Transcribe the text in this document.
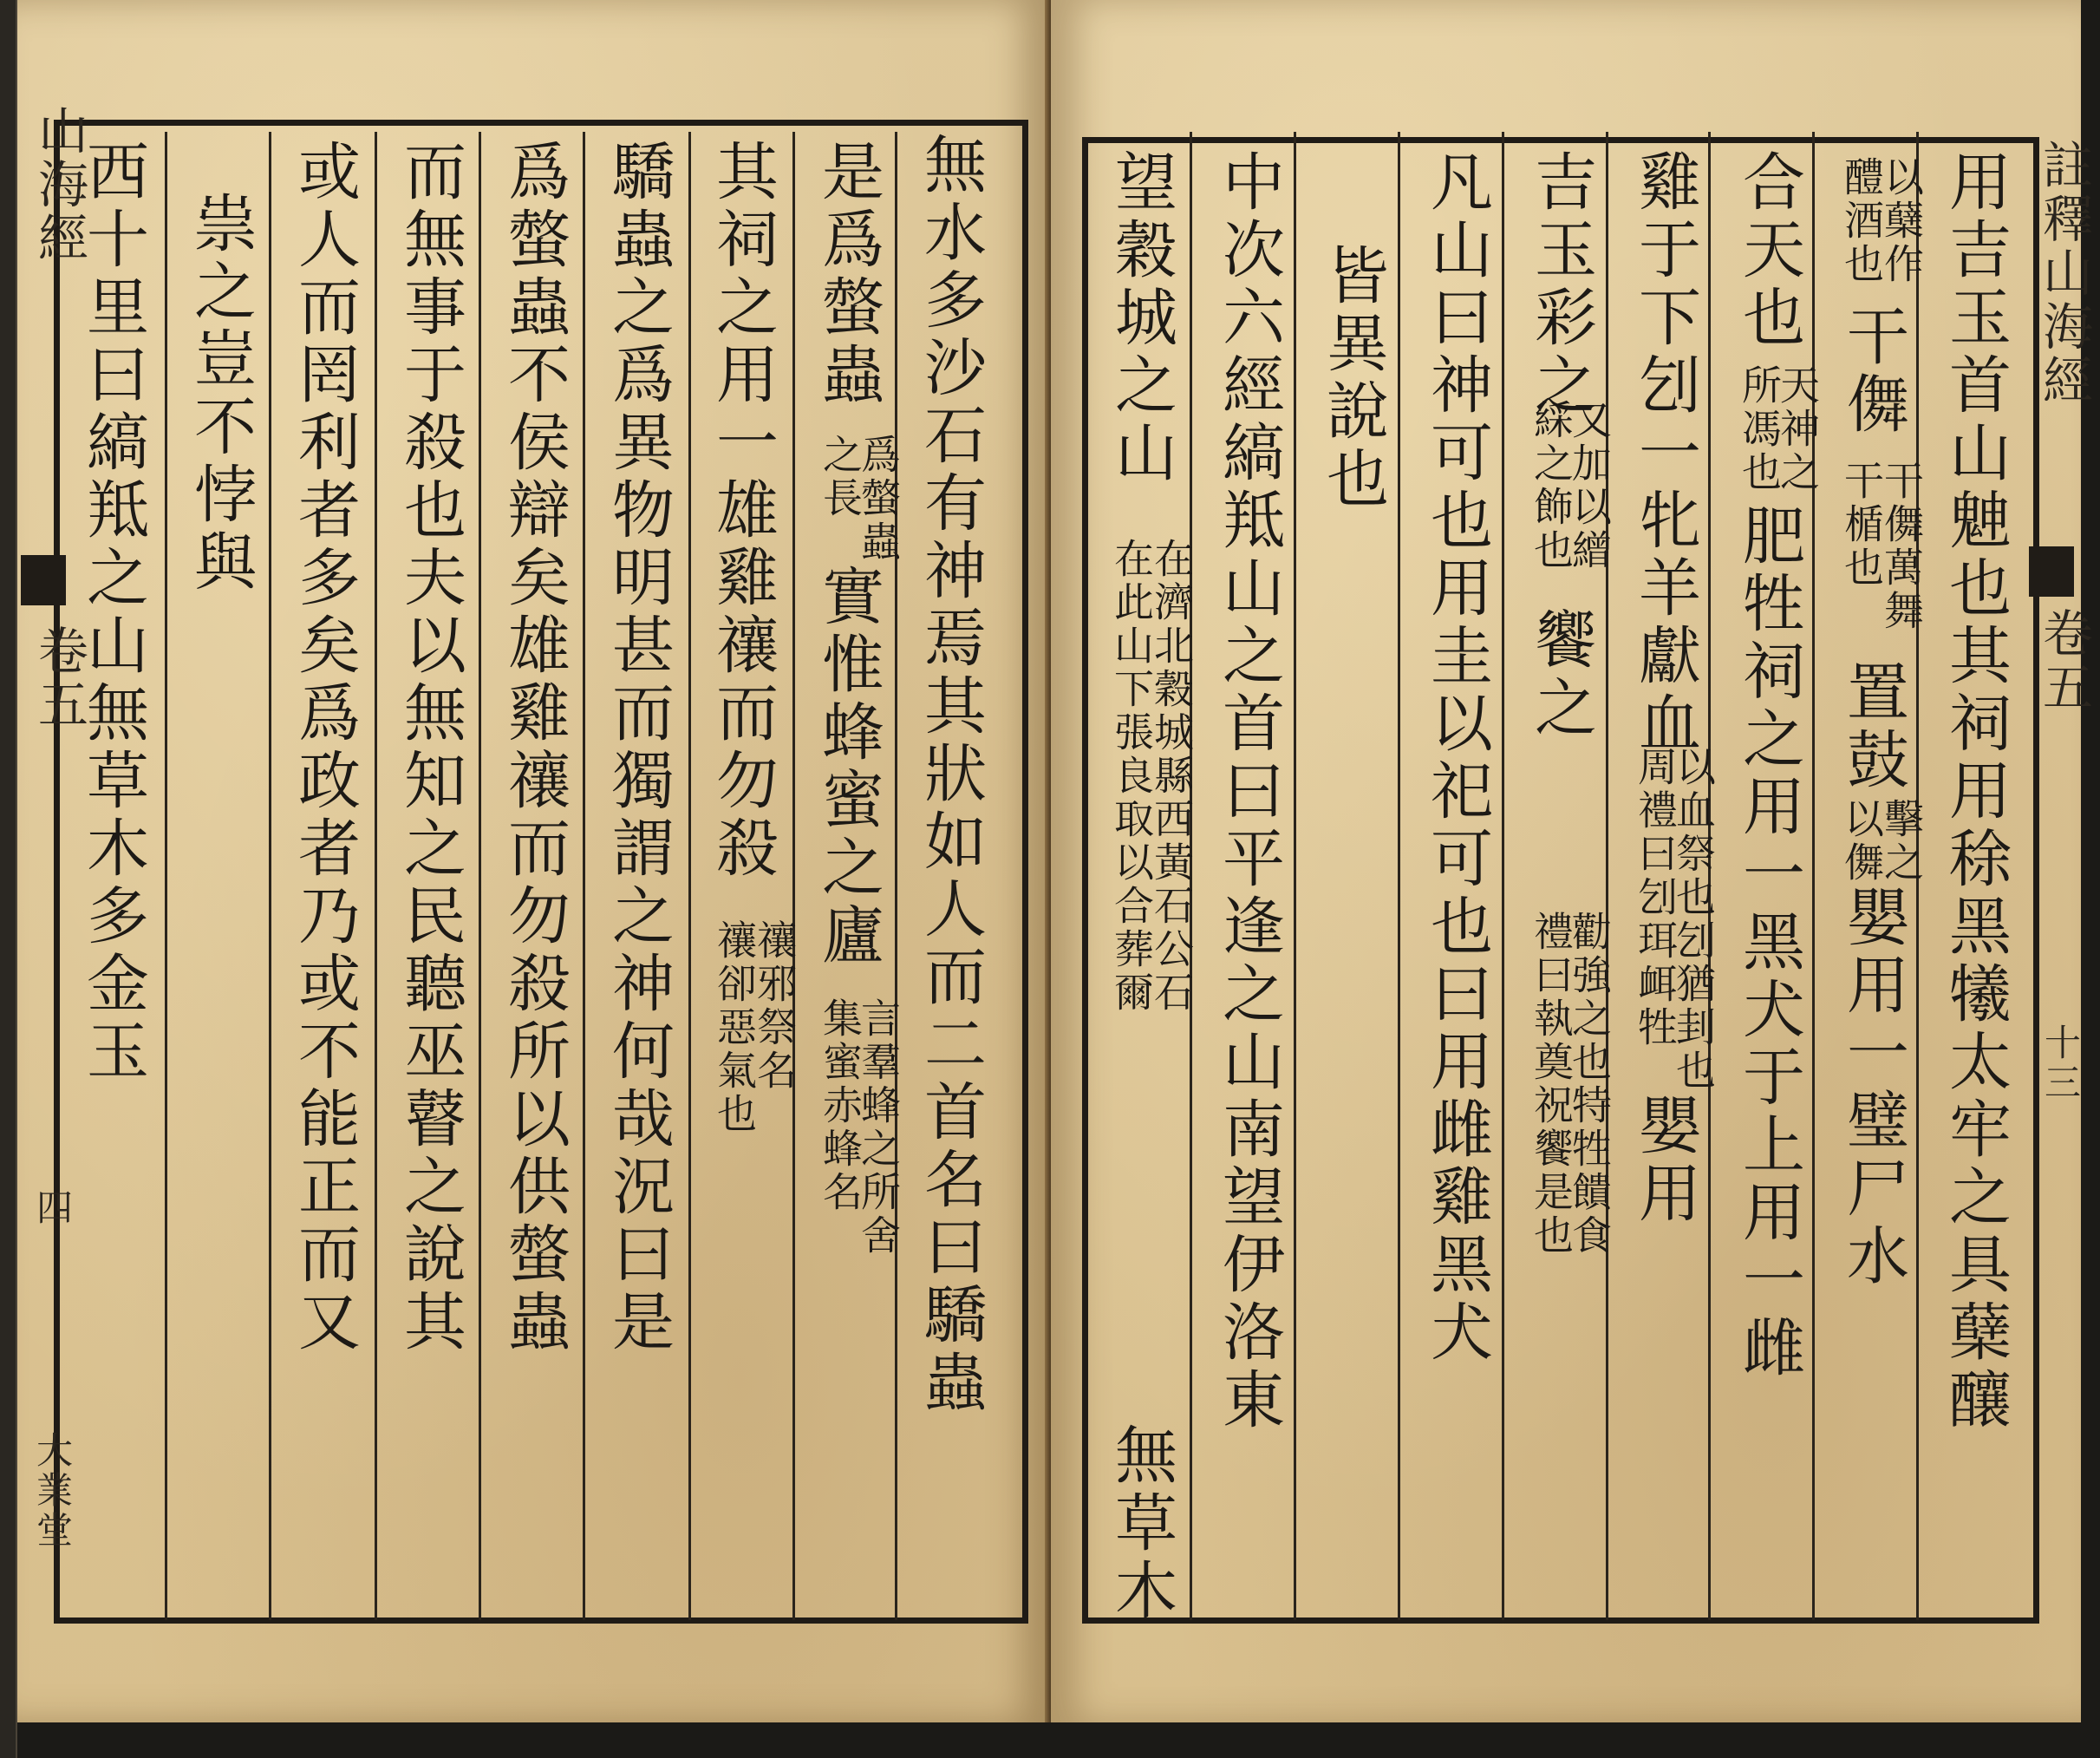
山海經
卷五
四
大業堂
西十里曰縞羝之山無草木多金玉 祟之豈不悖與 或人而罔利者多矣爲政者乃或不能正而又 而無事于殺也夫以無知之民聽巫瞽之說其 爲螫蟲不侯辯矣雄雞禳而勿殺所以供螫蟲 驕蟲之爲異物明甚而獨謂之神何哉況曰是 其祠之用一雄雞禳而勿殺
禳邪祭名
禳卻惡氣也
是爲螫蟲
爲螫蟲
之長
實惟蜂蜜之廬
言羣蜂之所舍
集蜜赤蜂名 無水多沙石有神焉其狀如人而二首名曰驕蟲	註釋山海經
卷五
十三
用吉玉首山䰠也其祠用稌黑犧太牢之具蘖釀
以蘖作
醴酒也
干儛
干儛萬舞
干楯也
置鼓
擊之
以儛
嬰用一璧尸水
合天也
天神之
所馮也
肥牲祠之用一黑犬于上用一雌
雞于下刉一牝羊獻血
以血祭也刉猶刲也
周禮曰刉珥衈牲
嬰用
吉玉彩之
又加以繒
綵之飾也
饗之
勸強之也特牲饋食
禮曰執奠祝饗是也
凡山曰神可也用圭以祀可也曰用雌雞黑犬
皆異說也
中次六經縞羝山之首曰平逢之山南望伊洛東
望穀城之山
在濟北穀城縣西黃石公石
在此山下張良取以合葬爾
無草木
